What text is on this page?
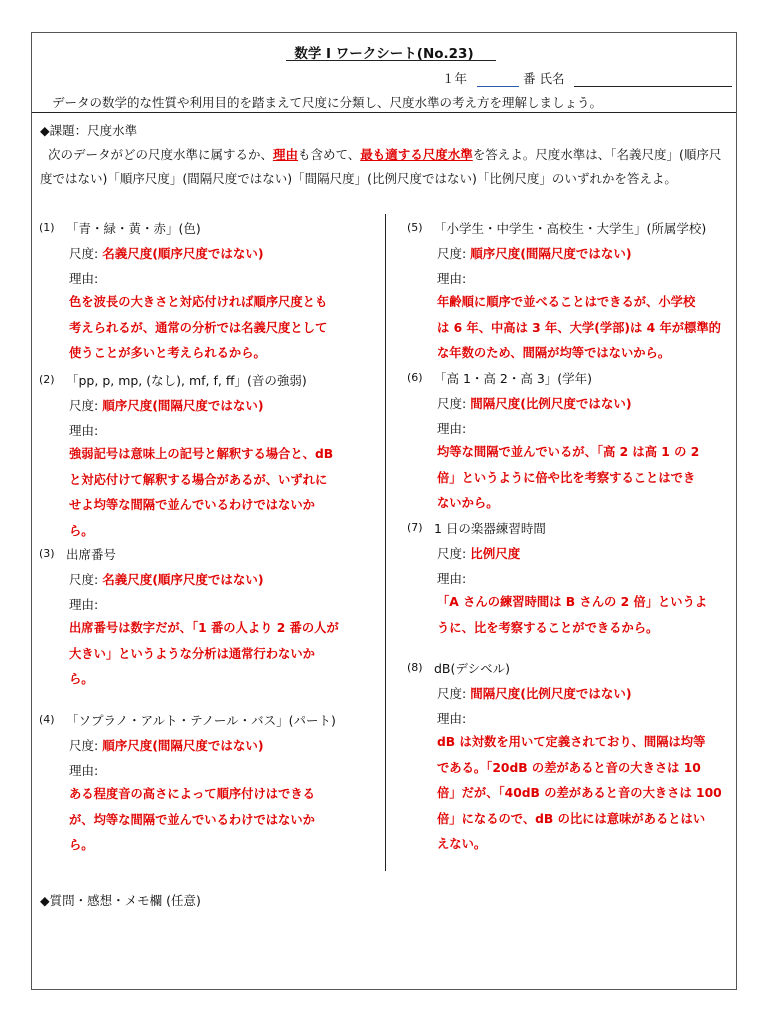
数学 I ワークシート(No.23)
１年	番 氏名
データの数学的な性質や利用目的を踏まえて尺度に分類し、尺度水準の考え方を理解しましょう。
◆課題：尺度水準
次のデータがどの尺度水準に属するか、理由も含めて、最も適する尺度水準を答えよ。尺度水準は、「名義尺度」(順序尺度ではない)「順序尺度」(間隔尺度ではない)「間隔尺度」(比例尺度ではない)「比例尺度」のいずれかを答えよ。
(1) 「青・緑・黄・赤」(色)
尺度: 名義尺度(順序尺度ではない)
理由:
色を波長の大きさと対応付ければ順序尺度とも
考えられるが、通常の分析では名義尺度として
使うことが多いと考えられるから。
(2) 「pp, p, mp, (なし), mf, f, ff」(音の強弱)
尺度: 順序尺度(間隔尺度ではない)
理由:
強弱記号は意味上の記号と解釈する場合と、dB
と対応付けて解釈する場合があるが、いずれに
せよ均等な間隔で並んでいるわけではないか
ら。
(3) 出席番号
尺度: 名義尺度(順序尺度ではない)
理由:
出席番号は数字だが、「1 番の人より 2 番の人が
大きい」というような分析は通常行わないか
ら。
(4) 「ソプラノ・アルト・テノール・バス」(パート)
尺度: 順序尺度(間隔尺度ではない)
理由:
ある程度音の高さによって順序付けはできる
が、均等な間隔で並んでいるわけではないか
ら。
(5) 「小学生・中学生・高校生・大学生」(所属学校)
尺度: 順序尺度(間隔尺度ではない)
理由:
年齢順に順序で並べることはできるが、小学校
は 6 年、中高は 3 年、大学(学部)は 4 年が標準的
な年数のため、間隔が均等ではないから。
(6) 「高 1・高 2・高 3」(学年)
尺度: 間隔尺度(比例尺度ではない)
理由:
均等な間隔で並んでいるが、「高 2 は高 1 の 2
倍」というように倍や比を考察することはでき
ないから。
(7) 1 日の楽器練習時間
尺度: 比例尺度
理由:
「A さんの練習時間は B さんの 2 倍」というよ
うに、比を考察することができるから。
(8) dB(デシベル)
尺度: 間隔尺度(比例尺度ではない)
理由:
dB は対数を用いて定義されており、間隔は均等
である。「20dB の差があると音の大きさは 10
倍」だが、「40dB の差があると音の大きさは 100
倍」になるので、dB の比には意味があるとはい
えない。
◆質問・感想・メモ欄 (任意)
